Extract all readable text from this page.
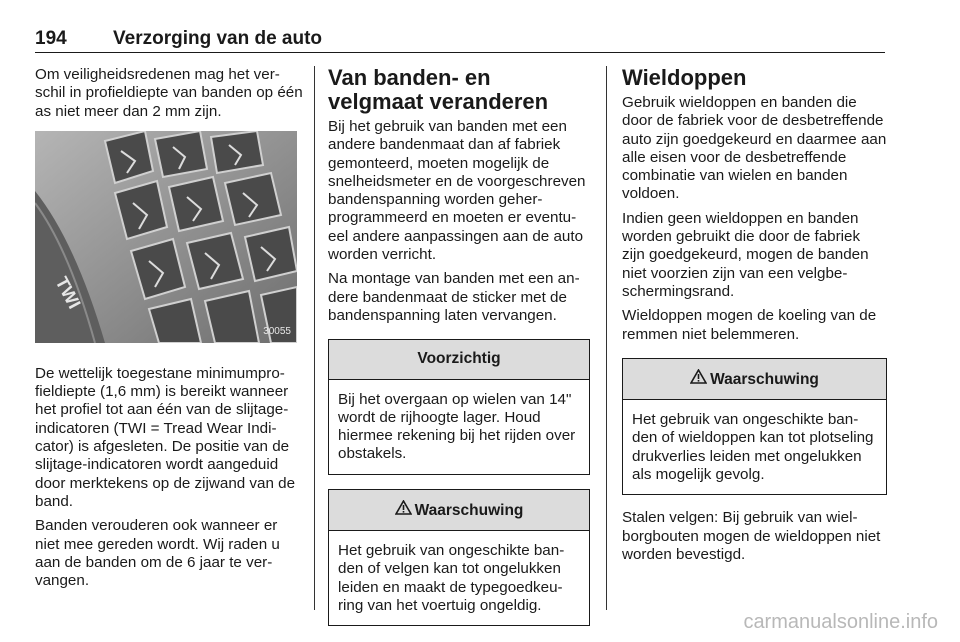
194 Verzorging van de auto

Om veiligheidsredenen mag het verschil in profieldiepte van banden op één as niet meer dan 2 mm zijn.

TWI
30055

De wettelijk toegestane minimumprofieldiepte (1,6 mm) is bereikt wanneer het profiel tot aan één van de slijtageindicatoren (TWI = Tread Wear Indicator) is afgesleten. De positie van de slijtage-indicatoren wordt aangeduid door merktekens op de zijwand van de band.

Banden verouderen ook wanneer er niet mee gereden wordt. Wij raden u aan de banden om de 6 jaar te vervangen.

Van banden- en velgmaat veranderen

Bij het gebruik van banden met een andere bandenmaat dan af fabriek gemonteerd, moeten mogelijk de snelheidsmeter en de voorgeschreven bandenspanning worden geherprogrammeerd en moeten er eventueel andere aanpassingen aan de auto worden verricht.

Na montage van banden met een andere bandenmaat de sticker met de bandenspanning laten vervangen.

Voorzichtig
Bij het overgaan op wielen van 14" wordt de rijhoogte lager. Houd hiermee rekening bij het rijden over obstakels.
Waarschuwing
Het gebruik van ongeschikte banden of velgen kan tot ongelukken leiden en maakt de typegoedkeuring van het voertuig ongeldig.
Wieldoppen

Gebruik wieldoppen en banden die door de fabriek voor de desbetreffende auto zijn goedgekeurd en daarmee aan alle eisen voor de desbetreffende combinatie van wielen en banden voldoen.

Indien geen wieldoppen en banden worden gebruikt die door de fabriek zijn goedgekeurd, mogen de banden niet voorzien zijn van een velgbeschermingsrand.

Wieldoppen mogen de koeling van de remmen niet belemmeren.

Waarschuwing
Het gebruik van ongeschikte banden of wieldoppen kan tot plotseling drukverlies leiden met ongelukken als mogelijk gevolg.

Stalen velgen: Bij gebruik van wielborgbouten mogen de wieldoppen niet worden bevestigd.

carmanualsonline.info
